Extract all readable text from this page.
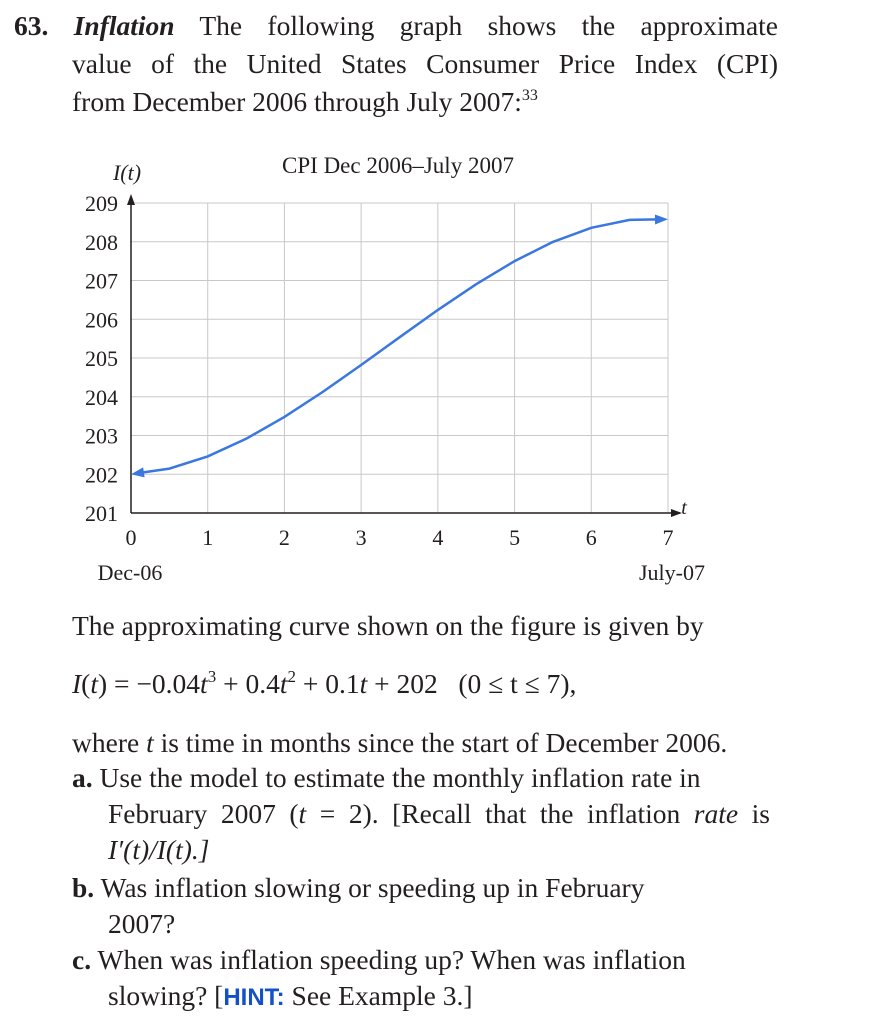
63. Inflation The following graph shows the approximate
value of the United States Consumer Price Index (CPI)
from December 2006 through July 2007:$^{33}$
201
202
203
204
205
206
207
208
209
0	1	2	3	4	5	6	7
CPI Dec 2006–July 2007
I(t)
t
Dec-06	July-07
The approximating curve shown on the figure is given by
$I(t) = -0.04t^3 + 0.4t^2 + 0.1t + 202$ (0 ≤ t ≤ 7),
where t is time in months since the start of December 2006.
a. Use the model to estimate the monthly inflation rate in
February 2007 (t = 2). [Recall that the inflation rate is
I′(t)/I(t).]
b. Was inflation slowing or speeding up in February
2007?
c. When was inflation speeding up? When was inflation
slowing? [HINT: See Example 3.]
